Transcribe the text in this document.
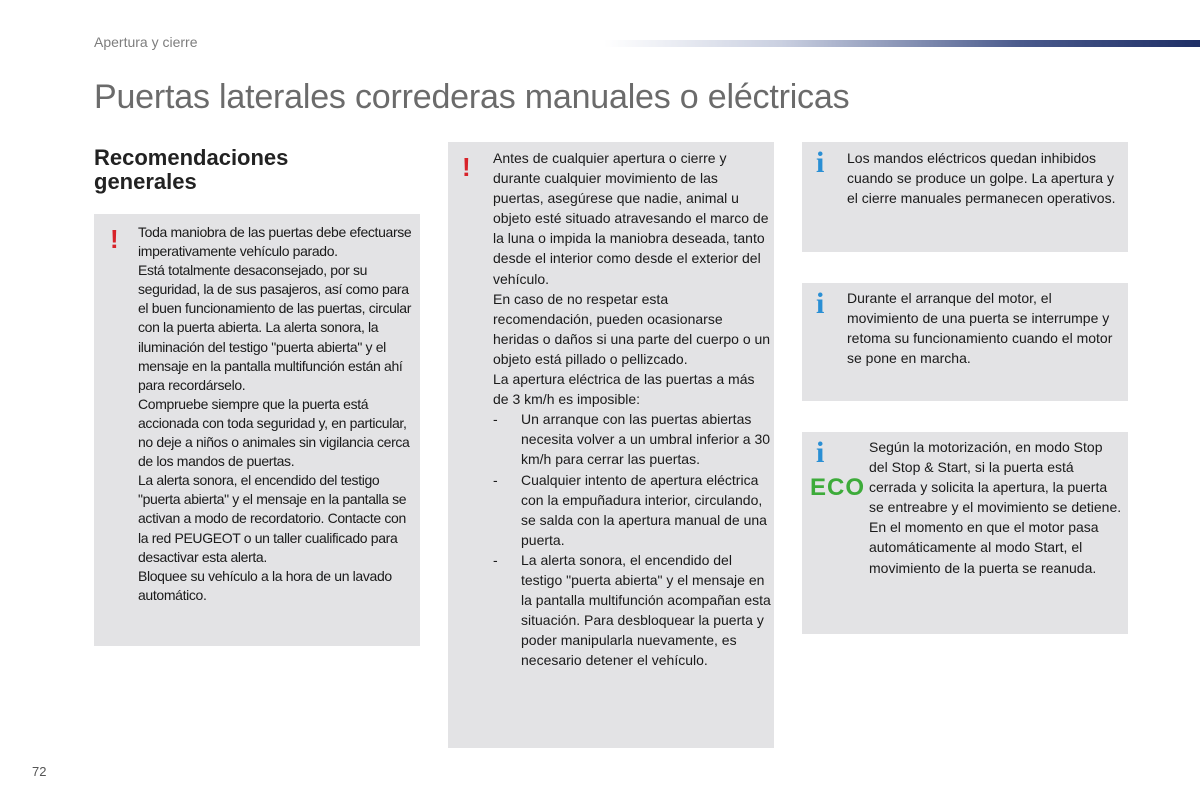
Apertura y cierre
Puertas laterales correderas manuales o eléctricas
Recomendaciones
generales
! Toda maniobra de las puertas debe efectuarse imperativamente vehículo parado.

Está totalmente desaconsejado, por su seguridad, la de sus pasajeros, así como para el buen funcionamiento de las puertas, circular con la puerta abierta. La alerta sonora, la iluminación del testigo "puerta abierta" y el mensaje en la pantalla multifunción están ahí para recordárselo.

Compruebe siempre que la puerta está accionada con toda seguridad y, en particular, no deje a niños o animales sin vigilancia cerca de los mandos de puertas.

La alerta sonora, el encendido del testigo "puerta abierta" y el mensaje en la pantalla se activan a modo de recordatorio. Contacte con la red PEUGEOT o un taller cualificado para desactivar esta alerta.

Bloquee su vehículo a la hora de un lavado automático.

! Antes de cualquier apertura o cierre y durante cualquier movimiento de las puertas, asegúrese que nadie, animal u objeto esté situado atravesando el marco de la luna o impida la maniobra deseada, tanto desde el interior como desde el exterior del vehículo.

En caso de no respetar esta recomendación, pueden ocasionarse heridas o daños si una parte del cuerpo o un objeto está pillado o pellizcado.

La apertura eléctrica de las puertas a más de 3 km/h es imposible:

- Un arranque con las puertas abiertas necesita volver a un umbral inferior a 30 km/h para cerrar las puertas.
- Cualquier intento de apertura eléctrica con la empuñadura interior, circulando, se salda con la apertura manual de una puerta.
- La alerta sonora, el encendido del testigo "puerta abierta" y el mensaje en la pantalla multifunción acompañan esta situación. Para desbloquear la puerta y poder manipularla nuevamente, es necesario detener el vehículo.
i Los mandos eléctricos quedan inhibidos cuando se produce un golpe. La apertura y el cierre manuales permanecen operativos.
i Durante el arranque del motor, el movimiento de una puerta se interrumpe y retoma su funcionamiento cuando el motor se pone en marcha.
i
ECO
Según la motorización, en modo Stop del Stop & Start, si la puerta está cerrada y solicita la apertura, la puerta se entreabre y el movimiento se detiene. En el momento en que el motor pasa automáticamente al modo Start, el movimiento de la puerta se reanuda.
72
